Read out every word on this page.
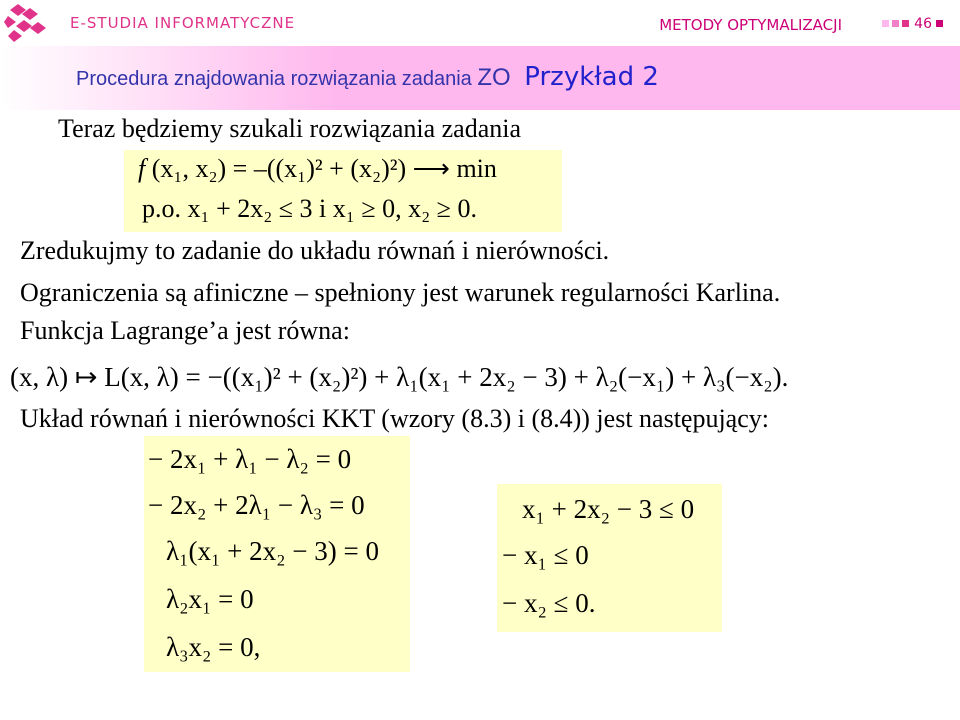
E-STUDIA INFORMATYCZNE	METODY OPTYMALIZACJI	46
Procedura znajdowania rozwiązania zadania ZO Przykład 2
Teraz będziemy szukali rozwiązania zadania
f (x₁, x₂) = –((x₁)² + (x₂)²) ⟶ min
p.o. x₁ + 2x₂ ≤ 3 i x₁ ≥ 0, x₂ ≥ 0.
Zredukujmy to zadanie do układu równań i nierówności.
Ograniczenia są afiniczne – spełniony jest warunek regularności Karlina.
Funkcja Lagrange’a jest równa:
(x, λ) ↦ L(x, λ) = −((x₁)² + (x₂)²) + λ₁(x₁ + 2x₂ − 3) + λ₂(−x₁) + λ₃(−x₂).
Układ równań i nierówności KKT (wzory (8.3) i (8.4)) jest następujący:
− 2x₁ + λ₁ − λ₂ = 0
− 2x₂ + 2λ₁ − λ₃ = 0
λ₁(x₁ + 2x₂ − 3) = 0
λ₂x₁ = 0
λ₃x₂ = 0,
x₁ + 2x₂ − 3 ≤ 0
− x₁ ≤ 0
− x₂ ≤ 0.
